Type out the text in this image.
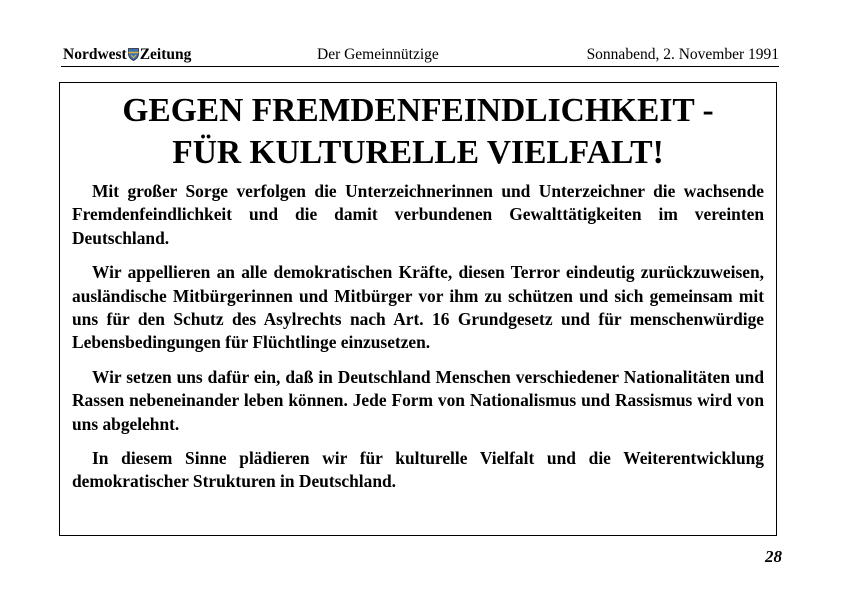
Nordwest Zeitung	Der Gemeinnützige	Sonnabend, 2. November 1991
GEGEN FREMDENFEINDLICHKEIT -
FÜR KULTURELLE VIELFALT!

Mit großer Sorge verfolgen die Unterzeichnerinnen und Unterzeichner die wachsende Fremdenfeindlichkeit und die damit verbundenen Gewalttätigkeiten im vereinten Deutschland.

Wir appellieren an alle demokratischen Kräfte, diesen Terror eindeutig zurückzuweisen, ausländische Mitbürgerinnen und Mitbürger vor ihm zu schützen und sich gemeinsam mit uns für den Schutz des Asylrechts nach Art. 16 Grundgesetz und für menschenwürdige Lebensbedingungen für Flüchtlinge einzusetzen.

Wir setzen uns dafür ein, daß in Deutschland Menschen verschiedener Nationalitäten und Rassen nebeneinander leben können. Jede Form von Nationalismus und Rassismus wird von uns abgelehnt.

In diesem Sinne plädieren wir für kulturelle Vielfalt und die Weiterentwicklung demokratischer Strukturen in Deutschland.

28
